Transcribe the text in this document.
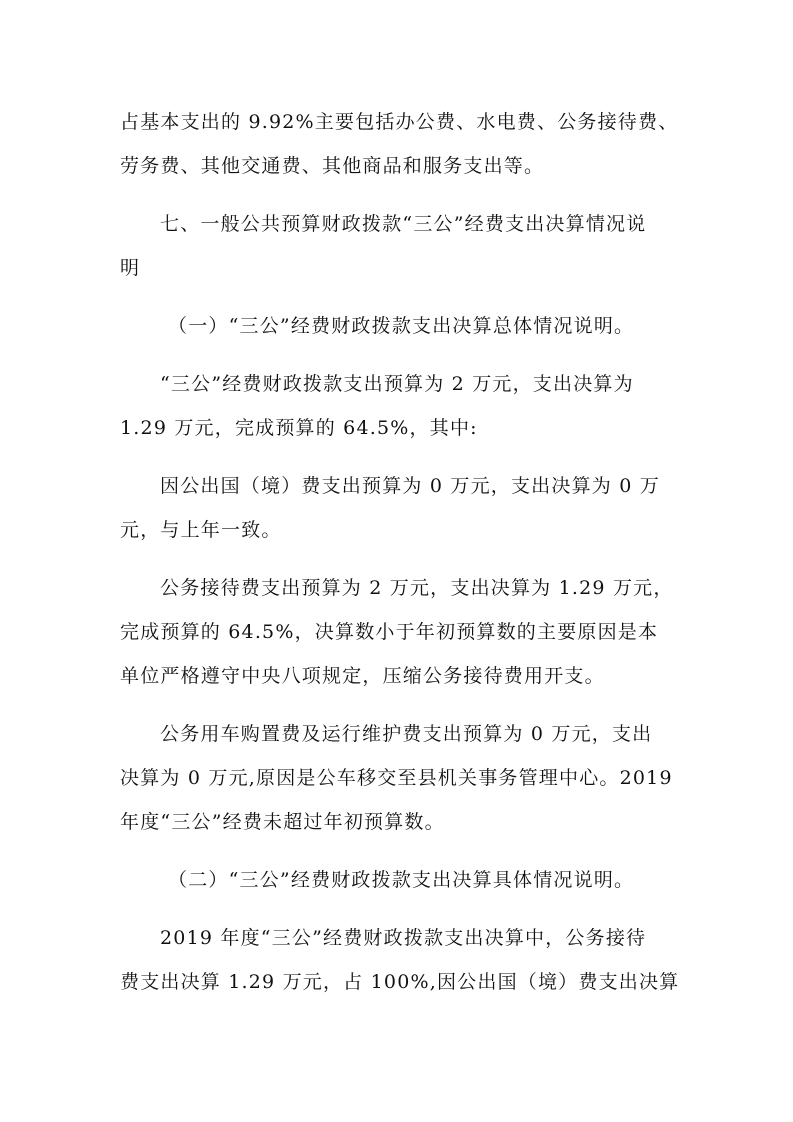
占基本支出的 9.92%主要包括办公费、水电费、公务接待费、
劳务费、其他交通费、其他商品和服务支出等。
七、一般公共预算财政拨款“三公”经费支出决算情况说
明
（一）“三公”经费财政拨款支出决算总体情况说明。
“三公”经费财政拨款支出预算为 2 万元，支出决算为
1.29 万元，完成预算的 64.5%，其中:
因公出国（境）费支出预算为 0 万元，支出决算为 0 万
元，与上年一致。
公务接待费支出预算为 2 万元，支出决算为 1.29 万元，
完成预算的 64.5%，决算数小于年初预算数的主要原因是本
单位严格遵守中央八项规定，压缩公务接待费用开支。
公务用车购置费及运行维护费支出预算为 0 万元，支出
决算为 0 万元,原因是公车移交至县机关事务管理中心。2019
年度“三公”经费未超过年初预算数。
（二）“三公”经费财政拨款支出决算具体情况说明。
2019 年度“三公”经费财政拨款支出决算中，公务接待
费支出决算 1.29 万元，占 100%,因公出国（境）费支出决算
